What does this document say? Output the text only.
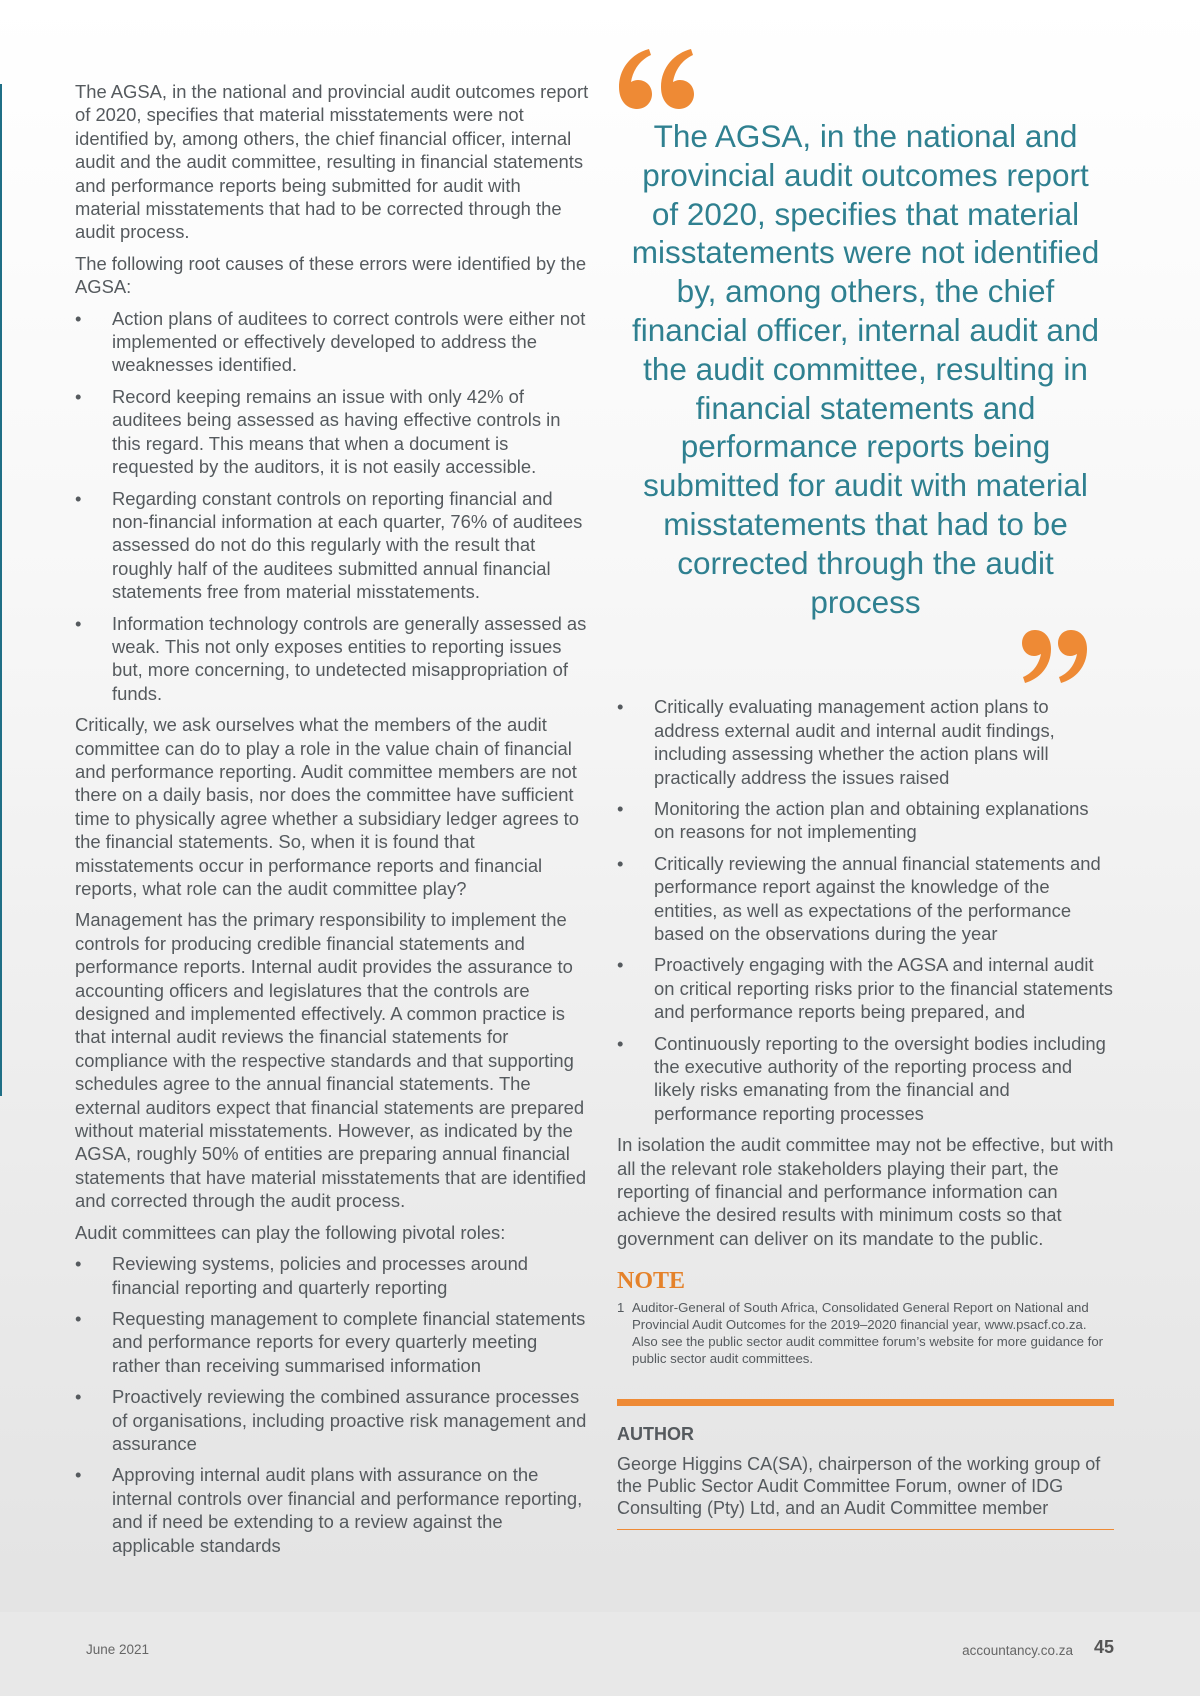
The AGSA, in the national and provincial audit outcomes report of 2020, specifies that material misstatements were not identified by, among others, the chief financial officer, internal audit and the audit committee, resulting in financial statements and performance reports being submitted for audit with material misstatements that had to be corrected through the audit process.

The following root causes of these errors were identified by the AGSA:

• Action plans of auditees to correct controls were either not implemented or effectively developed to address the weaknesses identified.
• Record keeping remains an issue with only 42% of auditees being assessed as having effective controls in this regard. This means that when a document is requested by the auditors, it is not easily accessible.
• Regarding constant controls on reporting financial and non-financial information at each quarter, 76% of auditees assessed do not do this regularly with the result that roughly half of the auditees submitted annual financial statements free from material misstatements.
• Information technology controls are generally assessed as weak. This not only exposes entities to reporting issues but, more concerning, to undetected misappropriation of funds.

Critically, we ask ourselves what the members of the audit committee can do to play a role in the value chain of financial and performance reporting. Audit committee members are not there on a daily basis, nor does the committee have sufficient time to physically agree whether a subsidiary ledger agrees to the financial statements. So, when it is found that misstatements occur in performance reports and financial reports, what role can the audit committee play?

Management has the primary responsibility to implement the controls for producing credible financial statements and performance reports. Internal audit provides the assurance to accounting officers and legislatures that the controls are designed and implemented effectively. A common practice is that internal audit reviews the financial statements for compliance with the respective standards and that supporting schedules agree to the annual financial statements. The external auditors expect that financial statements are prepared without material misstatements. However, as indicated by the AGSA, roughly 50% of entities are preparing annual financial statements that have material misstatements that are identified and corrected through the audit process.

Audit committees can play the following pivotal roles:

• Reviewing systems, policies and processes around financial reporting and quarterly reporting
• Requesting management to complete financial statements and performance reports for every quarterly meeting rather than receiving summarised information
• Proactively reviewing the combined assurance processes of organisations, including proactive risk management and assurance
• Approving internal audit plans with assurance on the internal controls over financial and performance reporting, and if need be extending to a review against the applicable standards
The AGSA, in the national and provincial audit outcomes report of 2020, specifies that material misstatements were not identified by, among others, the chief financial officer, internal audit and the audit committee, resulting in financial statements and performance reports being submitted for audit with material misstatements that had to be corrected through the audit process
• Critically evaluating management action plans to address external audit and internal audit findings, including assessing whether the action plans will practically address the issues raised
• Monitoring the action plan and obtaining explanations on reasons for not implementing
• Critically reviewing the annual financial statements and performance report against the knowledge of the entities, as well as expectations of the performance based on the observations during the year
• Proactively engaging with the AGSA and internal audit on critical reporting risks prior to the financial statements and performance reports being prepared, and
• Continuously reporting to the oversight bodies including the executive authority of the reporting process and likely risks emanating from the financial and performance reporting processes

In isolation the audit committee may not be effective, but with all the relevant role stakeholders playing their part, the reporting of financial and performance information can achieve the desired results with minimum costs so that government can deliver on its mandate to the public.

NOTE
1 Auditor-General of South Africa, Consolidated General Report on National and Provincial Audit Outcomes for the 2019–2020 financial year, www.psacf.co.za. Also see the public sector audit committee forum’s website for more guidance for public sector audit committees.
AUTHOR

George Higgins CA(SA), chairperson of the working group of the Public Sector Audit Committee Forum, owner of IDG Consulting (Pty) Ltd, and an Audit Committee member

June 2021	accountancy.co.za 45
